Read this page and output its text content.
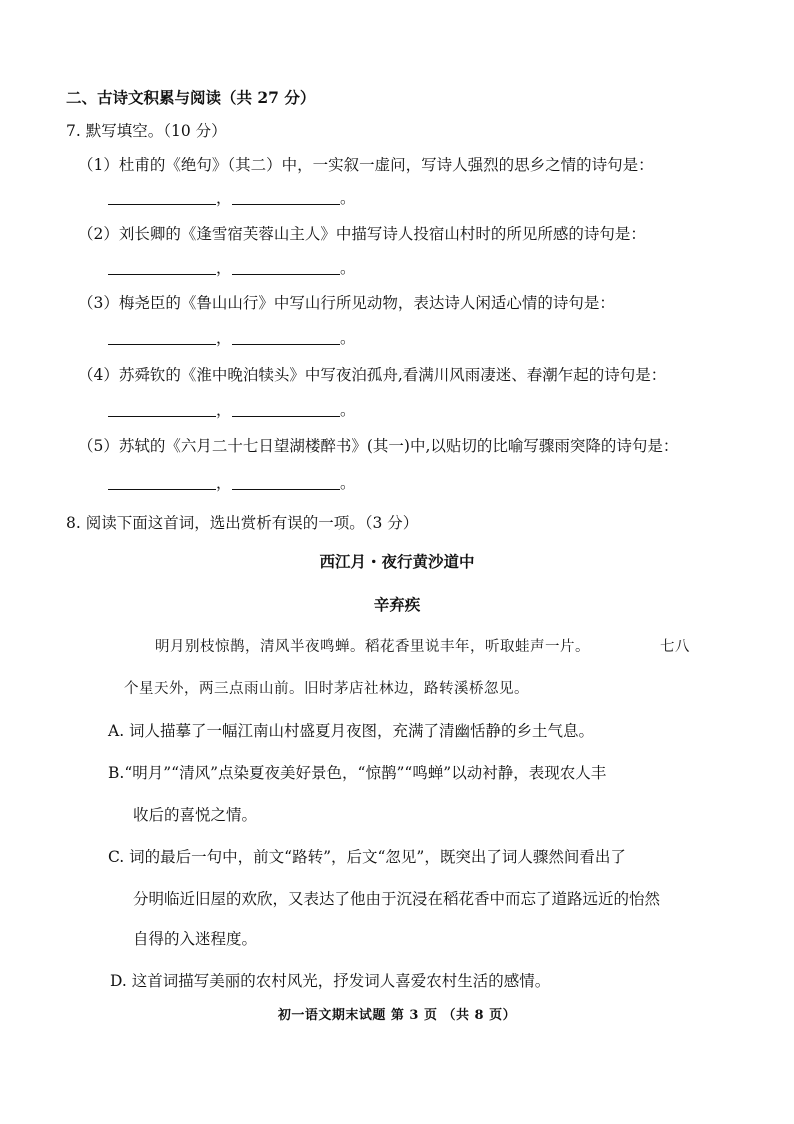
二、古诗文积累与阅读（共 27 分）
7. 默写填空。（10 分）
（1）杜甫的《绝句》（其二）中，一实叙一虚问，写诗人强烈的思乡之情的诗句是：
，	。
（2）刘长卿的《逢雪宿芙蓉山主人》中描写诗人投宿山村时的所见所感的诗句是：
，	。
（3）梅尧臣的《鲁山山行》中写山行所见动物，表达诗人闲适心情的诗句是：
，	。
（4）苏舜钦的《淮中晚泊犊头》中写夜泊孤舟,看满川风雨凄迷、春潮乍起的诗句是：
，	。
（5）苏轼的《六月二十七日望湖楼醉书》(其一)中,以贴切的比喻写骤雨突降的诗句是：
，	。
8. 阅读下面这首词，选出赏析有误的一项。（3 分）
西江月・夜行黄沙道中
辛弃疾
明月别枝惊鹊，清风半夜鸣蝉。稻花香里说丰年，听取蛙声一片。	七八
个星天外，两三点雨山前。旧时茅店社林边，路转溪桥忽见。
A. 词人描摹了一幅江南山村盛夏月夜图，充满了清幽恬静的乡土气息。
B.“明月”“清风”点染夏夜美好景色，“惊鹊”“鸣蝉”以动衬静，表现农人丰
收后的喜悦之情。
C. 词的最后一句中，前文“路转”，后文“忽见”，既突出了词人骤然间看出了
分明临近旧屋的欢欣，又表达了他由于沉浸在稻花香中而忘了道路远近的怡然
自得的入迷程度。
D. 这首词描写美丽的农村风光，抒发词人喜爱农村生活的感情。
初一语文期末试题 第 3 页 （共 8 页）
